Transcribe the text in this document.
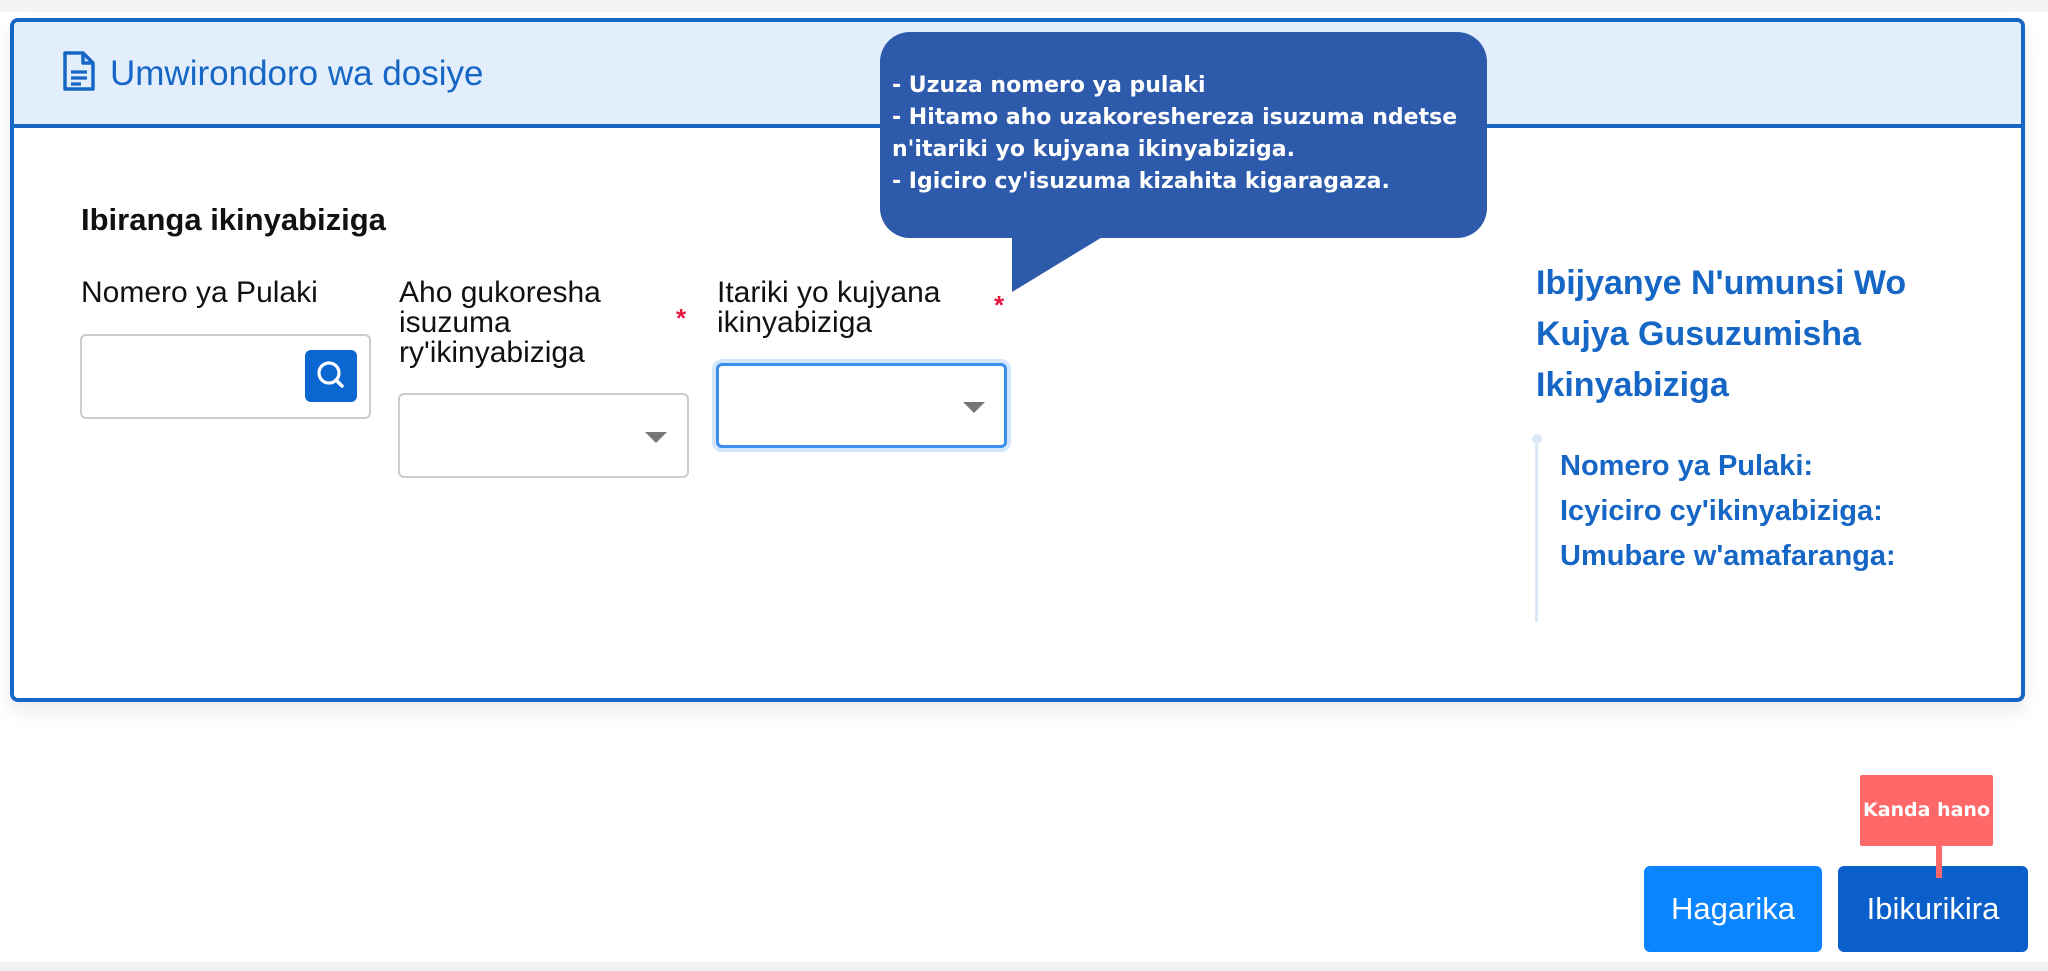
Umwirondoro wa dosiye
Ibiranga ikinyabiziga
Nomero ya Pulaki	Aho gukoresha
isuzuma
ry'ikinyabiziga
*
Itariki yo kujyana
ikinyabiziga
*
Ibijyanye N'umunsi Wo Kujya Gusuzumisha Ikinyabiziga
Nomero ya Pulaki:
Icyiciro cy'ikinyabiziga:
Umubare w'amafaranga:
- Uzuza nomero ya pulaki
- Hitamo aho uzakoreshereza isuzuma ndetse
n'itariki yo kujyana ikinyabiziga.
- Igiciro cy'isuzuma kizahita kigaragaza.
Hagarika	Ibikurikira
Kanda hano
